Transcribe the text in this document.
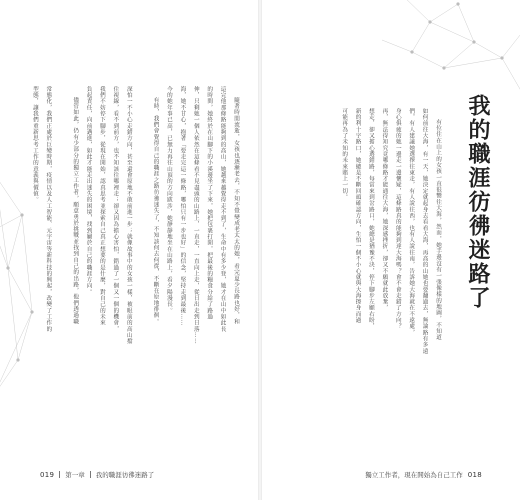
隨著時間流逝，女孩也逐漸老去，不知不覺變成老太太的她，看完夏少長路也好，和

這完他那條路能夠到的高山，她越來越覺得走不到了，生命中有多少登，她才在山中如此長

的時間，她終於在山腳下的小溪邊坐了下來，她把包裹打開，把最後的糧食分給了路過

伸，只剩她一個人依然在這條看不見盡頭的山路上，一直走，一直向上走，從日出走到日落……

海，她不甘心，抱著「要走完這一條路，哪怕只有一步也好」的信念，堅持走到最後……

今的她年事已高，已無力再往山頂的方向跋涉，她靜靜地坐在山路上，看夕陽漫長。

有時，我們會覺得自己的職涯之路彷彿迷失了，不知該何去何從，不斷在原地徘徊。

深怕一不小心走錯方向，甚至還會原地不敢前進一步；就像故事中的女孩一樣，被眼前的高山擋

住視線，看不到前方，也不知該往哪裡走；卻又因為擔心害怕，錯過了一個又一個的機會，

我們不妨停下腳步，從現在開始，認真思考並探索自己真正想要的是什麼，對自己的未來

負起責任，向前邁進，如此才能走出迷失的困境，找到屬於自己的職涯方向。

儘管如此，仍有少部分的獨立工作者，願意勇於挑戰並找到自己的出路，他們透過職

常態化，我們正處於巨變時期，疫情以及人工智能、元宇宙等新科技的興起，改變了工作的

型態，讓我們重新思考工作的意義與價值。

019 第一章 我的職涯彷彿迷路了
我的職涯彷彿迷路了

有位住在山上的女孩一直很嚮往大海，然而，她手邊沒有一張像樣的地圖，不知道

如何前往大海，有一天，她決定就起身去看看大海，再高的山她也要翻過去，無論路有多遠

們，有人建議她選擇往東走，有人說往西，也有人說往南，告訴她大海就在不遠處，

身心俱疲的她一邊走一邊懷疑，這條路真的能夠到達大海嗎？會不會走錯了方向？

再，無法得知究竟哪條路才能通往大海，她深感挫折，卻又不願就此放棄，

想走，卻又擔心選錯路，每當來到岔路口，她總是猶豫不決，停下腳步左顧右盼，

新的利十字路口，她總是不斷回頭確認方向，生怕一個不小心就與大海擦身而過

可能再為了未知的未來賭上一切。

獨立工作者，現在開始為自己工作 018
